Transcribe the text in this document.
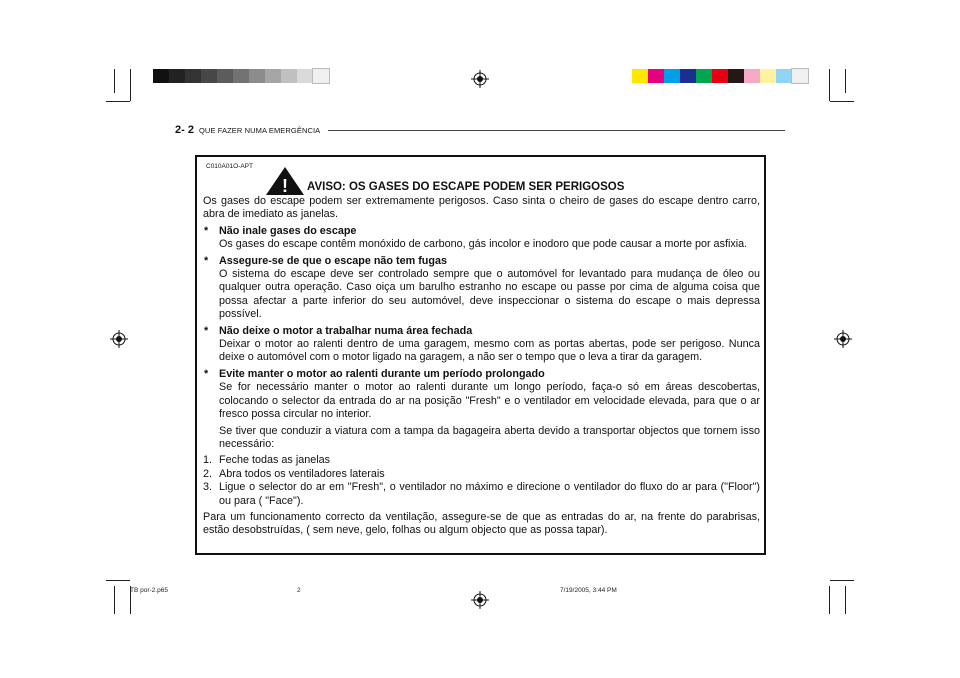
2- 2 QUE FAZER NUMA EMERGÊNCIA
C010A01O-APT
! AVISO: OS GASES DO ESCAPE PODEM SER PERIGOSOS

Os gases do escape podem ser extremamente perigosos. Caso sinta o cheiro de gases do escape dentro carro, abra de imediato as janelas.

* Não inale gases do escape
Os gases do escape contêm monóxido de carbono, gás incolor e inodoro que pode causar a morte por asfixia.
* Assegure-se de que o escape não tem fugas
O sistema do escape deve ser controlado sempre que o automóvel for levantado para mudança de óleo ou qualquer outra operação. Caso oiça um barulho estranho no escape ou passe por cima de alguma coisa que possa afectar a parte inferior do seu automóvel, deve inspeccionar o sistema do escape o mais depressa possível.
* Não deixe o motor a trabalhar numa área fechada
Deixar o motor ao ralenti dentro de uma garagem, mesmo com as portas abertas, pode ser perigoso. Nunca deixe o automóvel com o motor ligado na garagem, a não ser o tempo que o leva a tirar da garagem.
* Evite manter o motor ao ralenti durante um período prolongado
Se for necessário manter o motor ao ralenti durante um longo período, faça-o só em áreas descobertas, colocando o selector da entrada do ar na posição "Fresh" e o ventilador em velocidade elevada, para que o ar fresco possa circular no interior.
Se tiver que conduzir a viatura com a tampa da bagageira aberta devido a transportar objectos que tornem isso necessário:
1. Feche todas as janelas
2. Abra todos os ventiladores laterais
3. Ligue o selector do ar em "Fresh", o ventilador no máximo e direcione o ventilador do fluxo do ar para ("Floor") ou para ( "Face").

Para um funcionamento correcto da ventilação, assegure-se de que as entradas do ar, na frente do parabrisas, estão desobstruídas, ( sem neve, gelo, folhas ou algum objecto que as possa tapar).

TB por-2.p65	2	7/19/2005, 3:44 PM
